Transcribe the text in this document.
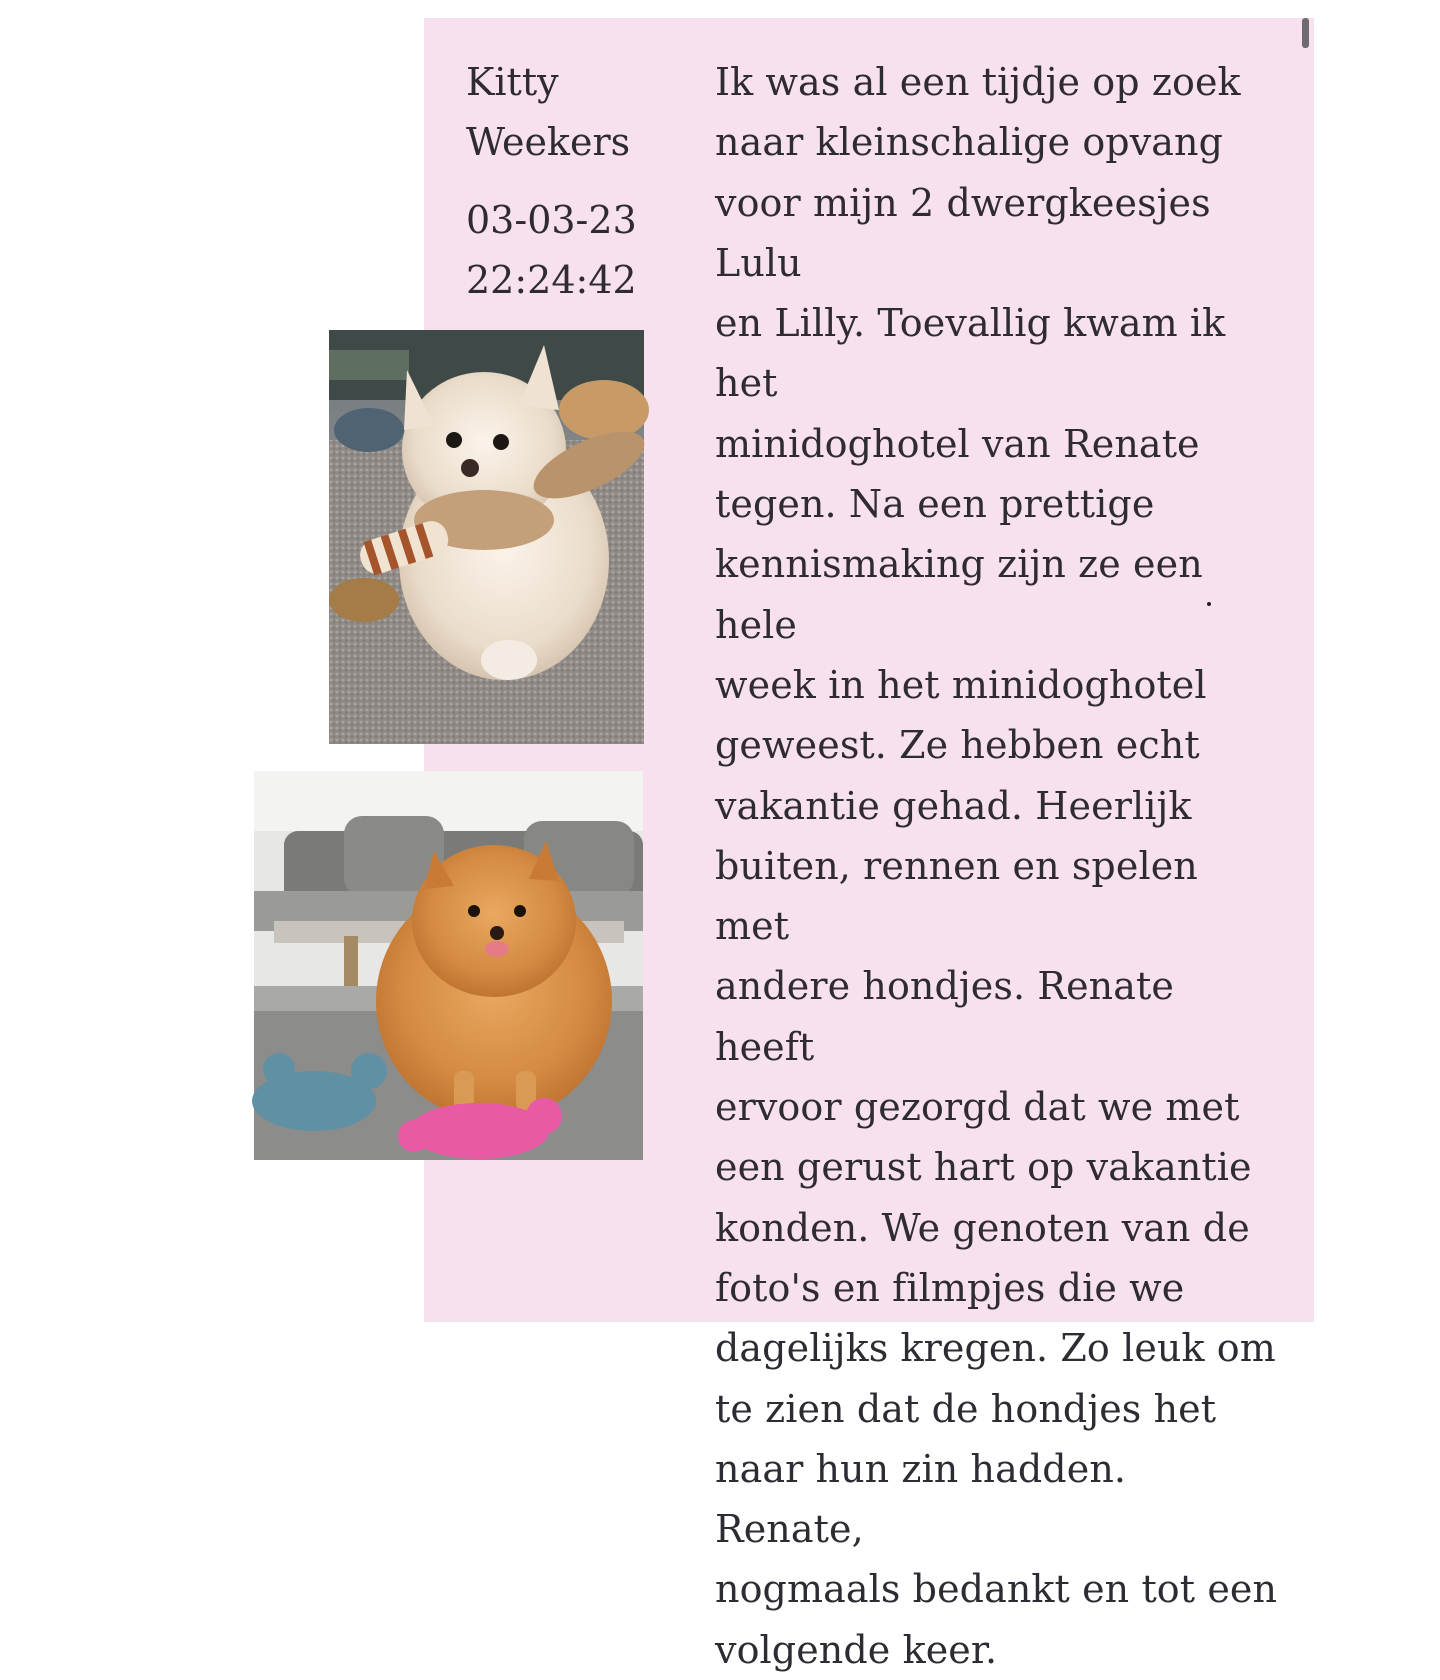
Kitty
Weekers
03-03-23
22:24:42
Ik was al een tijdje op zoek
naar kleinschalige opvang
voor mijn 2 dwergkeesjes Lulu
en Lilly. Toevallig kwam ik het
minidoghotel van Renate
tegen. Na een prettige
kennismaking zijn ze een hele
week in het minidoghotel
geweest. Ze hebben echt
vakantie gehad. Heerlijk
buiten, rennen en spelen met
andere hondjes. Renate heeft
ervoor gezorgd dat we met
een gerust hart op vakantie
konden. We genoten van de
foto's en filmpjes die we
dagelijks kregen. Zo leuk om
te zien dat de hondjes het
naar hun zin hadden. Renate,
nogmaals bedankt en tot een
volgende keer.
